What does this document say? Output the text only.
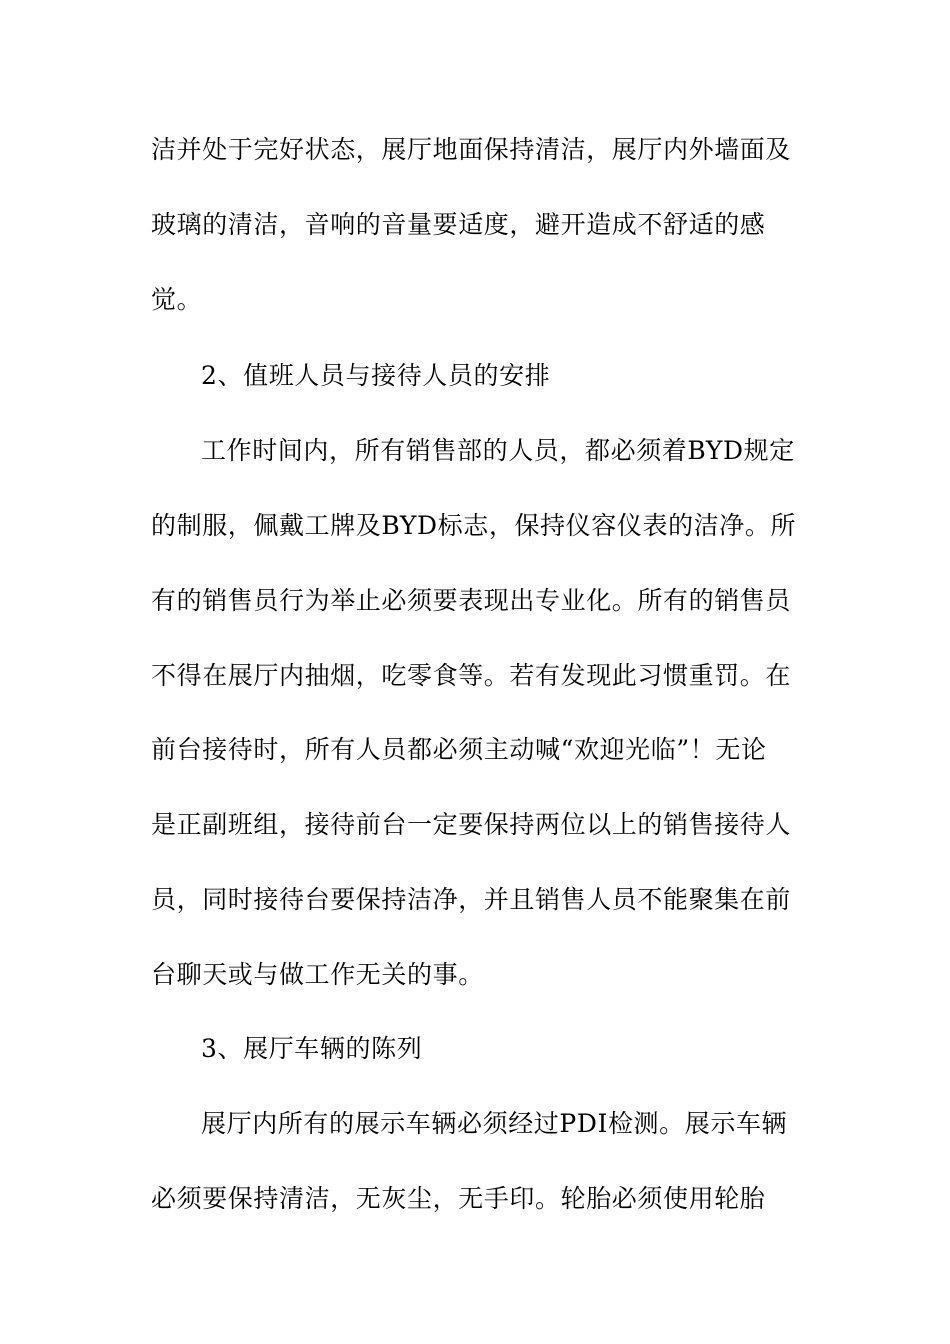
洁并处于完好状态，展厅地面保持清洁，展厅内外墙面及
玻璃的清洁，音响的音量要适度，避开造成不舒适的感
觉。
2、值班人员与接待人员的安排
工作时间内，所有销售部的人员，都必须着BYD规定
的制服，佩戴工牌及BYD标志，保持仪容仪表的洁净。所
有的销售员行为举止必须要表现出专业化。所有的销售员
不得在展厅内抽烟，吃零食等。若有发现此习惯重罚。在
前台接待时，所有人员都必须主动喊“欢迎光临”！无论
是正副班组，接待前台一定要保持两位以上的销售接待人
员，同时接待台要保持洁净，并且销售人员不能聚集在前
台聊天或与做工作无关的事。
3、展厅车辆的陈列
展厅内所有的展示车辆必须经过PDI检测。展示车辆
必须要保持清洁，无灰尘，无手印。轮胎必须使用轮胎
